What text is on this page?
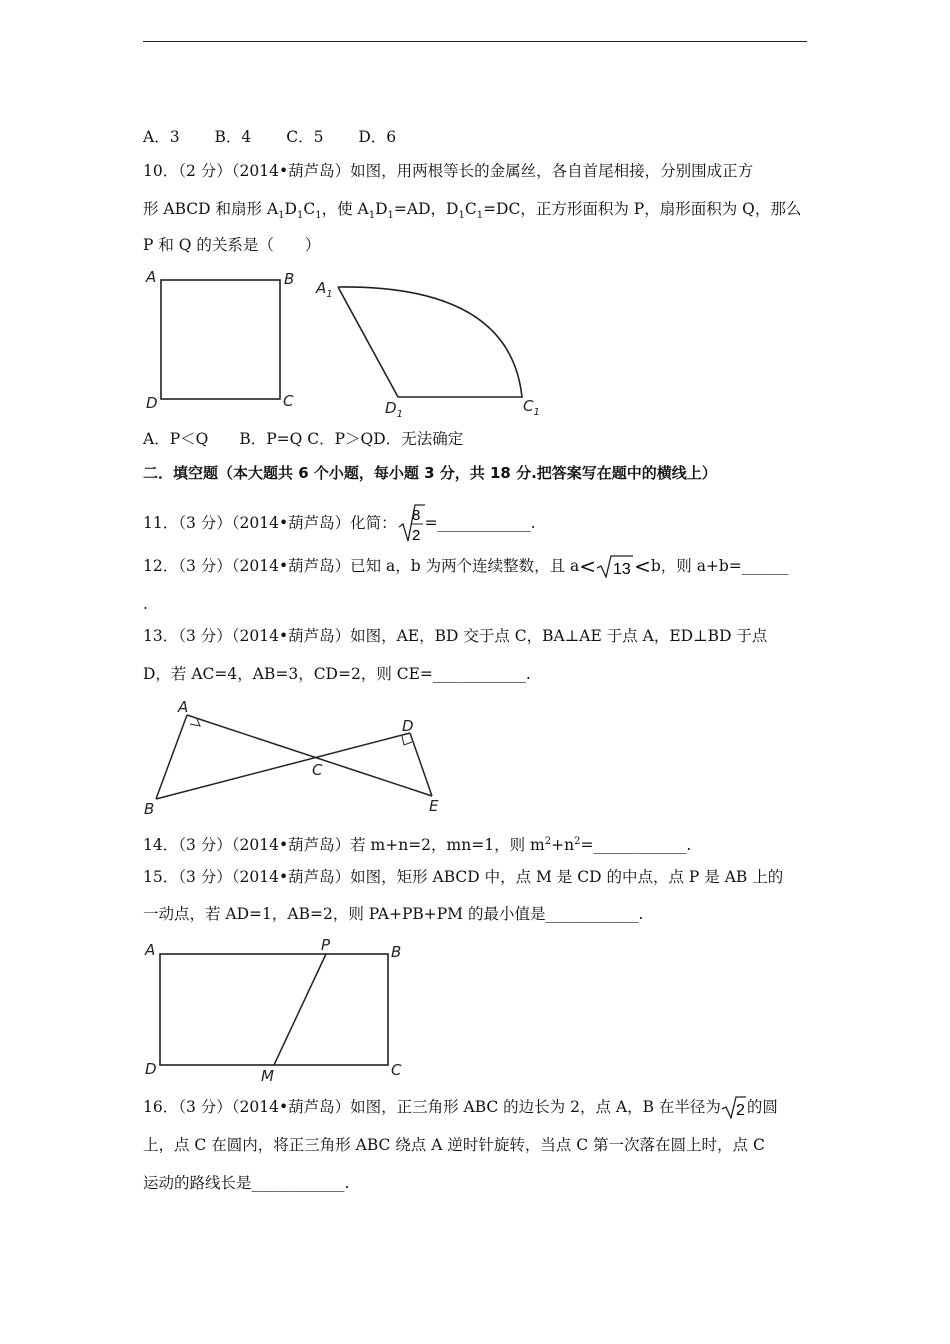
A．3 B．4 C．5 D．6
10．（2 分）（2014•葫芦岛）如图，用两根等长的金属丝，各自首尾相接，分别围成正方
形 ABCD 和扇形 $A_1D_1C_1$，使 $A_1D_1=AD$，$D_1C_1=DC$，正方形面积为 P，扇形面积为 Q，那么
P 和 Q 的关系是（　　）
A	B
C
D
$A_1$
$D_1$	$C_1$
A．P＜Q　　B．P=Q C．P＞QD．无法确定
二．填空题（本大题共 6 个小题，每小题 3 分，共 18 分.把答案写在题中的横线上）
11．（3 分）（2014•葫芦岛）化简： 8
2
=____________.
12．（3 分）（2014•葫芦岛）已知 a，b 为两个连续整数，且 a< 13 <b，则 a+b=______
.
13．（3 分）（2014•葫芦岛）如图，AE，BD 交于点 C，BA⊥AE 于点 A，ED⊥BD 于点
D，若 AC=4，AB=3，CD=2，则 CE=____________.
A
B
C
D
E
14．（3 分）（2014•葫芦岛）若 m+n=2，mn=1，则 $m^2+n^2=\_\_\_\_\_\_\_\_\_\_\_\_$.
15．（3 分）（2014•葫芦岛）如图，矩形 ABCD 中，点 M 是 CD 的中点，点 P 是 AB 上的
一动点，若 AD=1，AB=2，则 PA+PB+PM 的最小值是____________.
A	B
C
D
P
M
16．（3 分）（2014•葫芦岛）如图，正三角形 ABC 的边长为 2，点 A，B 在半径为 2 的圆
上，点 C 在圆内，将正三角形 ABC 绕点 A 逆时针旋转，当点 C 第一次落在圆上时，点 C
运动的路线长是____________.
